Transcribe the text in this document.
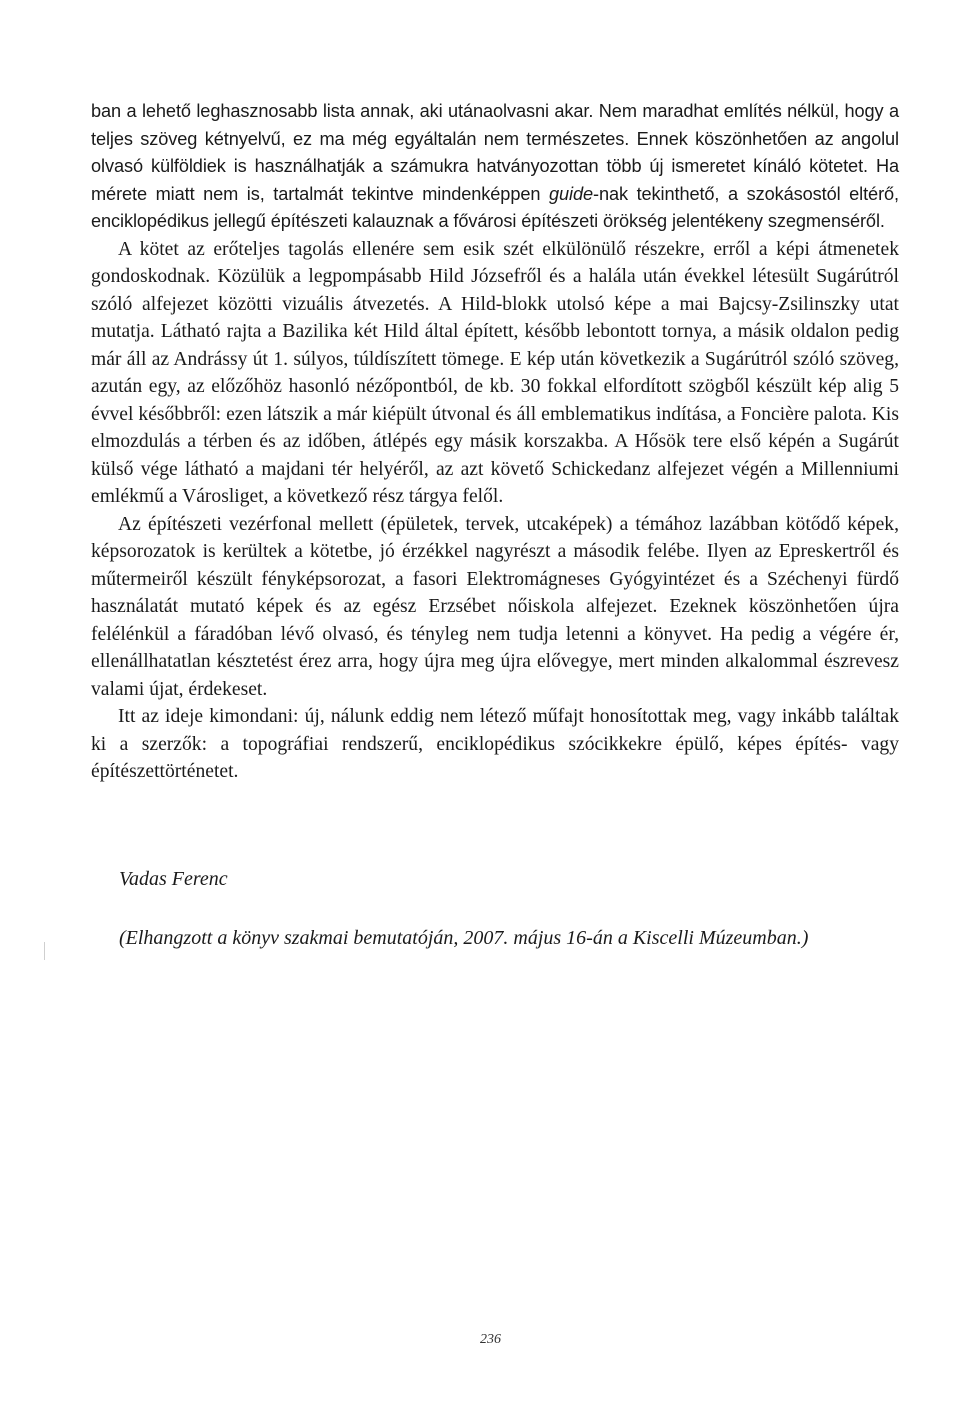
ban a lehető leghasznosabb lista annak, aki utánaolvasni akar. Nem maradhat említés nélkül, hogy a teljes szöveg kétnyelvű, ez ma még egyáltalán nem természetes. Ennek köszönhetően az angolul olvasó külföldiek is használhatják a számukra hatványozottan több új ismeretet kínáló kötetet. Ha mérete miatt nem is, tartalmát tekintve mindenképpen guide-nak tekinthető, a szokásostól eltérő, enciklopédikus jellegű építészeti kalauznak a fővárosi építészeti örökség jelentékeny szegmenséről.

A kötet az erőteljes tagolás ellenére sem esik szét elkülönülő részekre, erről a képi átmenetek gondoskodnak. Közülük a legpompásabb Hild Józsefről és a halála után évekkel létesült Sugárútról szóló alfejezet közötti vizuális átvezetés. A Hild-blokk utolsó képe a mai Bajcsy-Zsilinszky utat mutatja. Látható rajta a Bazilika két Hild által épített, később lebontott tornya, a másik oldalon pedig már áll az Andrássy út 1. súlyos, túldíszített tömege. E kép után következik a Sugárútról szóló szöveg, azután egy, az előzőhöz hasonló nézőpontból, de kb. 30 fokkal elfordított szögből készült kép alig 5 évvel későbbről: ezen látszik a már kiépült útvonal és áll emblematikus indítása, a Foncière palota. Kis elmozdulás a térben és az időben, átlépés egy másik korszakba. A Hősök tere első képén a Sugárút külső vége látható a majdani tér helyéről, az azt követő Schickedanz alfejezet végén a Millenniumi emlékmű a Városliget, a következő rész tárgya felől.

Az építészeti vezérfonal mellett (épületek, tervek, utcaképek) a témához lazábban kötődő képek, képsorozatok is kerültek a kötetbe, jó érzékkel nagyrészt a második felébe. Ilyen az Epreskertről és műtermeiről készült fényképsorozat, a fasori Elektromágneses Gyógyintézet és a Széchenyi fürdő használatát mutató képek és az egész Erzsébet nőiskola alfejezet. Ezeknek köszönhetően újra felélénkül a fáradóban lévő olvasó, és tényleg nem tudja letenni a könyvet. Ha pedig a végére ér, ellenállhatatlan késztetést érez arra, hogy újra meg újra elővegye, mert minden alkalommal észrevesz valami újat, érdekeset.

Itt az ideje kimondani: új, nálunk eddig nem létező műfajt honosítottak meg, vagy inkább találtak ki a szerzők: a topográfiai rendszerű, enciklopédikus szócikkekre épülő, képes építés- vagy építészettörténetet.

Vadas Ferenc
(Elhangzott a könyv szakmai bemutatóján, 2007. május 16-án a Kiscelli Múzeumban.)
236
